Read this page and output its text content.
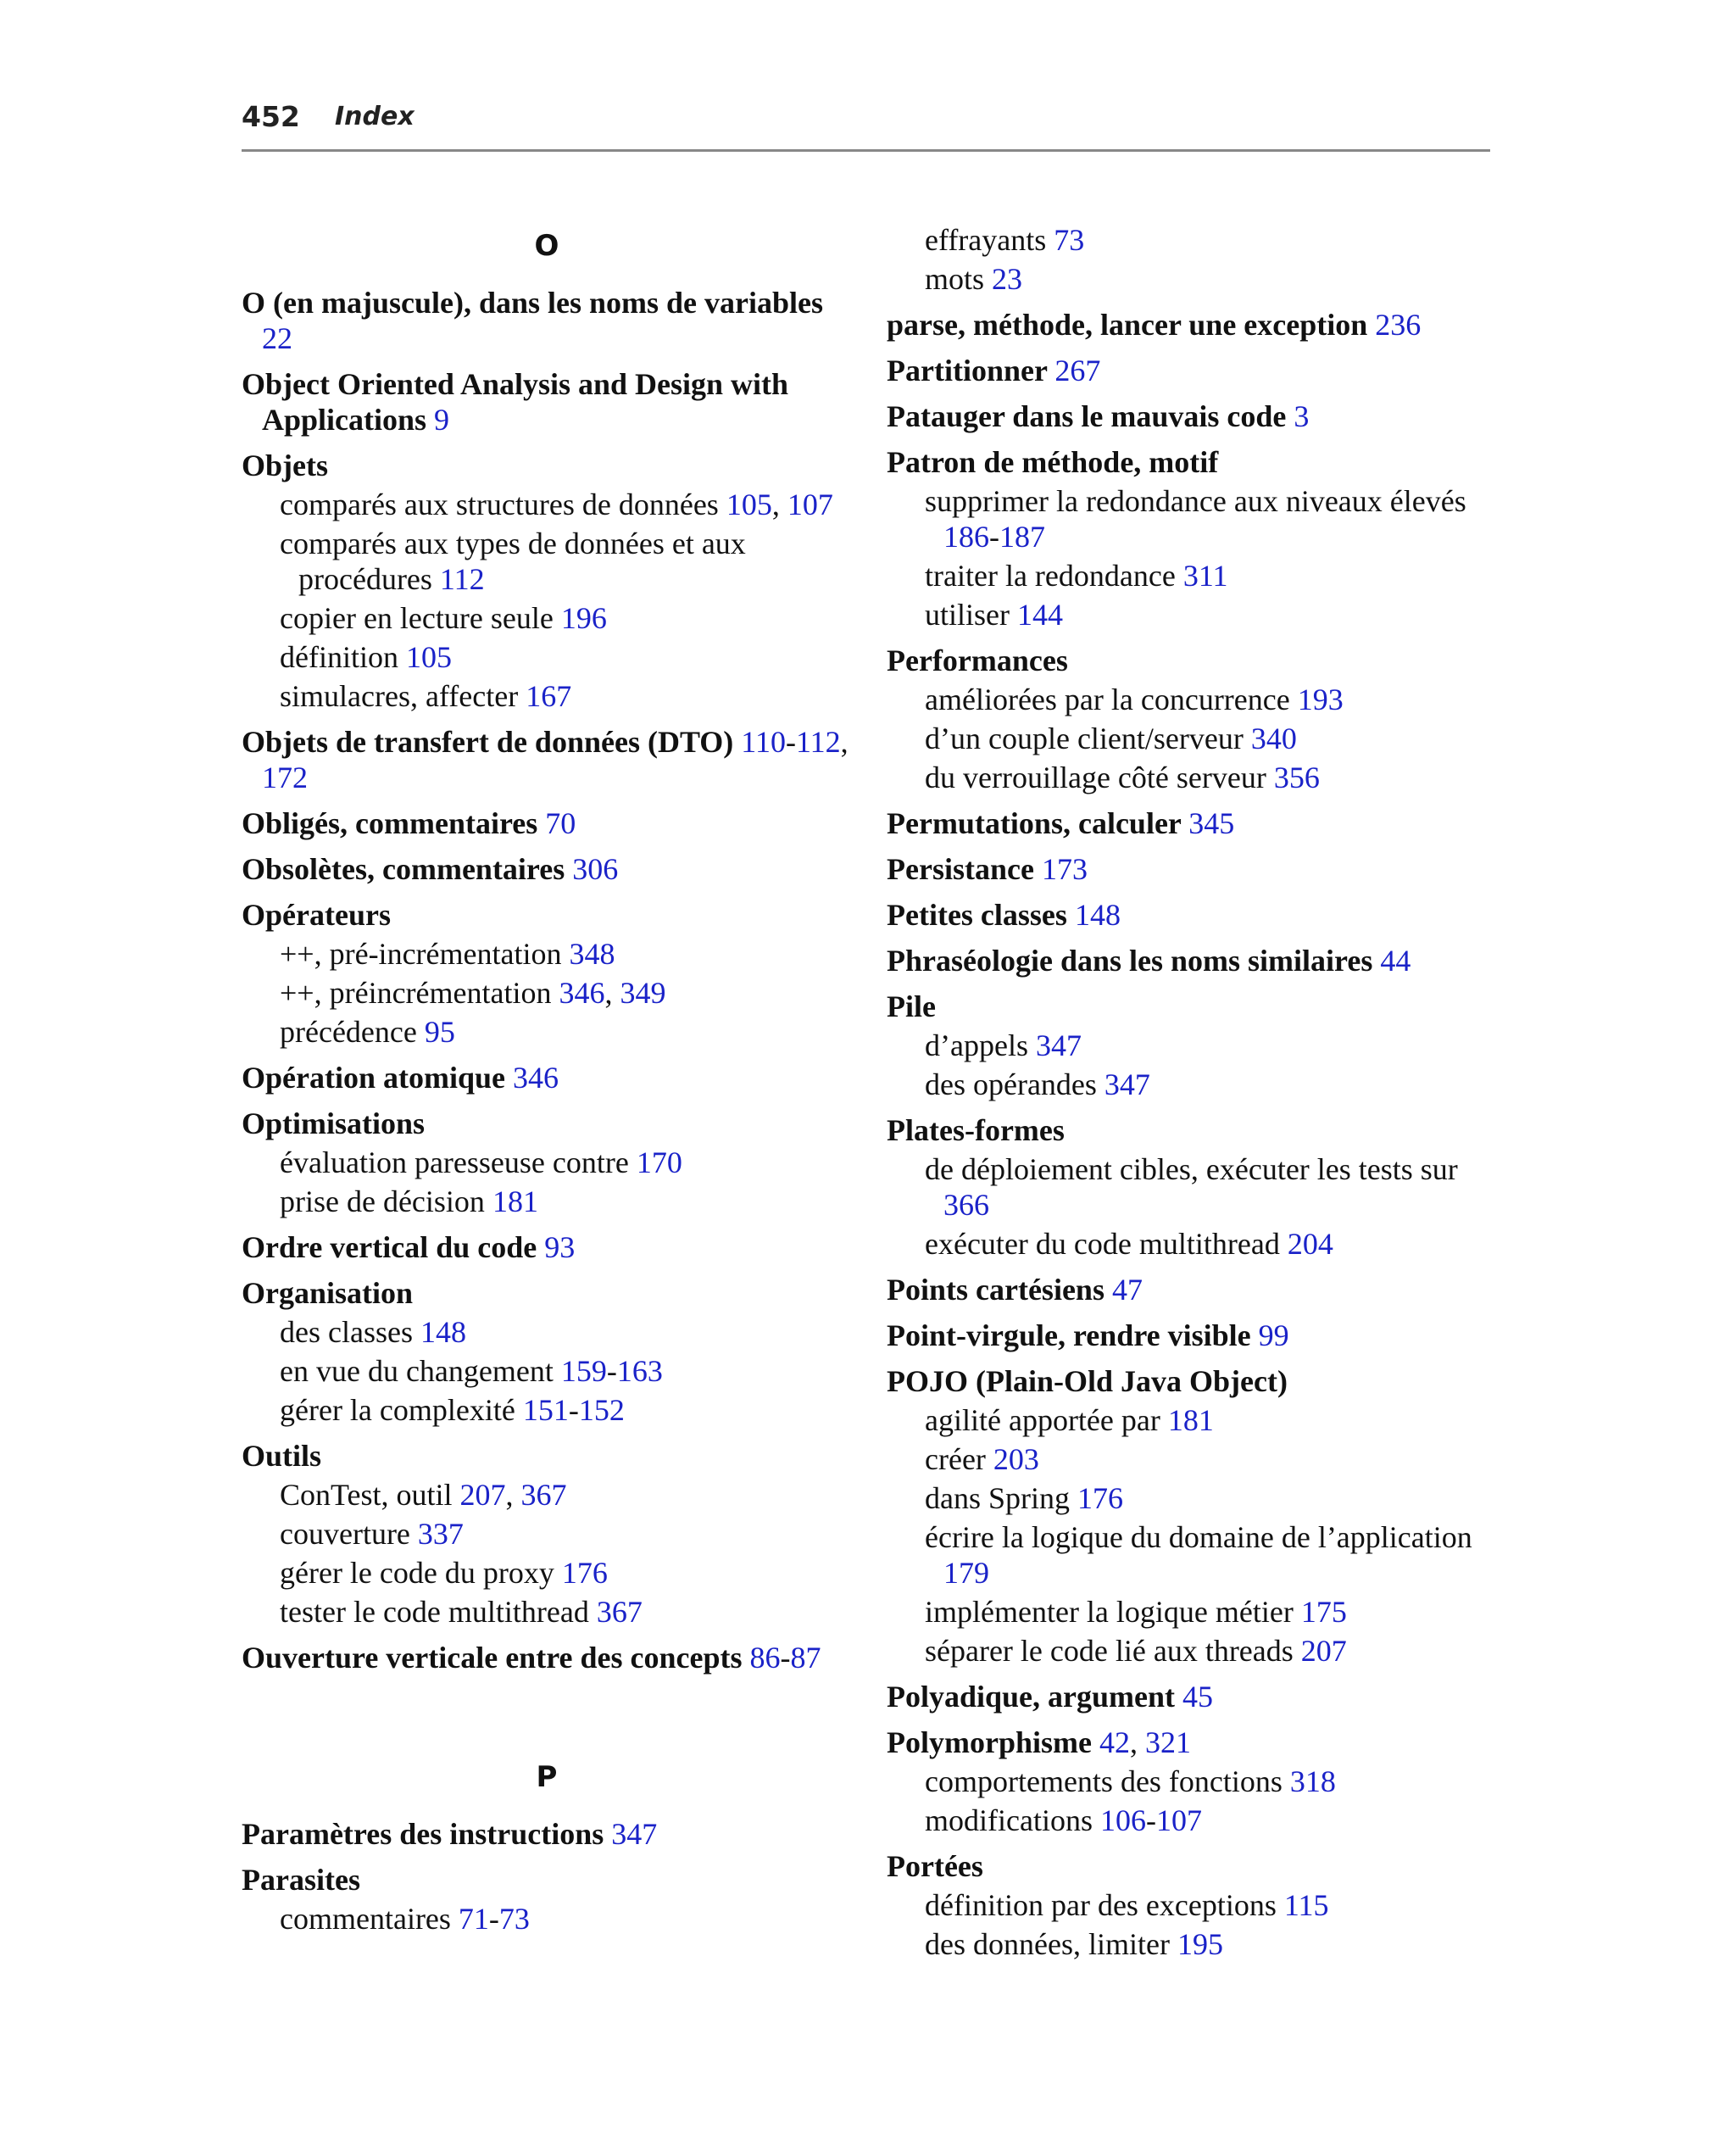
452 Index
O
O (en majuscule), dans les noms de variables 22
Object Oriented Analysis and Design with Applications 9
Objets
comparés aux structures de données 105, 107
comparés aux types de données et aux procédures 112
copier en lecture seule 196
définition 105
simulacres, affecter 167
Objets de transfert de données (DTO) 110-112, 172
Obligés, commentaires 70
Obsolètes, commentaires 306
Opérateurs
++, pré-incrémentation 348
++, préincrémentation 346, 349
précédence 95
Opération atomique 346
Optimisations
évaluation paresseuse contre 170
prise de décision 181
Ordre vertical du code 93
Organisation
des classes 148
en vue du changement 159-163
gérer la complexité 151-152
Outils
ConTest, outil 207, 367
couverture 337
gérer le code du proxy 176
tester le code multithread 367
Ouverture verticale entre des concepts 86-87
P
Paramètres des instructions 347
Parasites
commentaires 71-73
effrayants 73
mots 23
parse, méthode, lancer une exception 236
Partitionner 267
Patauger dans le mauvais code 3
Patron de méthode, motif
supprimer la redondance aux niveaux élevés 186-187
traiter la redondance 311
utiliser 144
Performances
améliorées par la concurrence 193
d’un couple client/serveur 340
du verrouillage côté serveur 356
Permutations, calculer 345
Persistance 173
Petites classes 148
Phraséologie dans les noms similaires 44
Pile
d’appels 347
des opérandes 347
Plates-formes
de déploiement cibles, exécuter les tests sur 366
exécuter du code multithread 204
Points cartésiens 47
Point-virgule, rendre visible 99
POJO (Plain-Old Java Object)
agilité apportée par 181
créer 203
dans Spring 176
écrire la logique du domaine de l’application 179
implémenter la logique métier 175
séparer le code lié aux threads 207
Polyadique, argument 45
Polymorphisme 42, 321
comportements des fonctions 318
modifications 106-107
Portées
définition par des exceptions 115
des données, limiter 195
